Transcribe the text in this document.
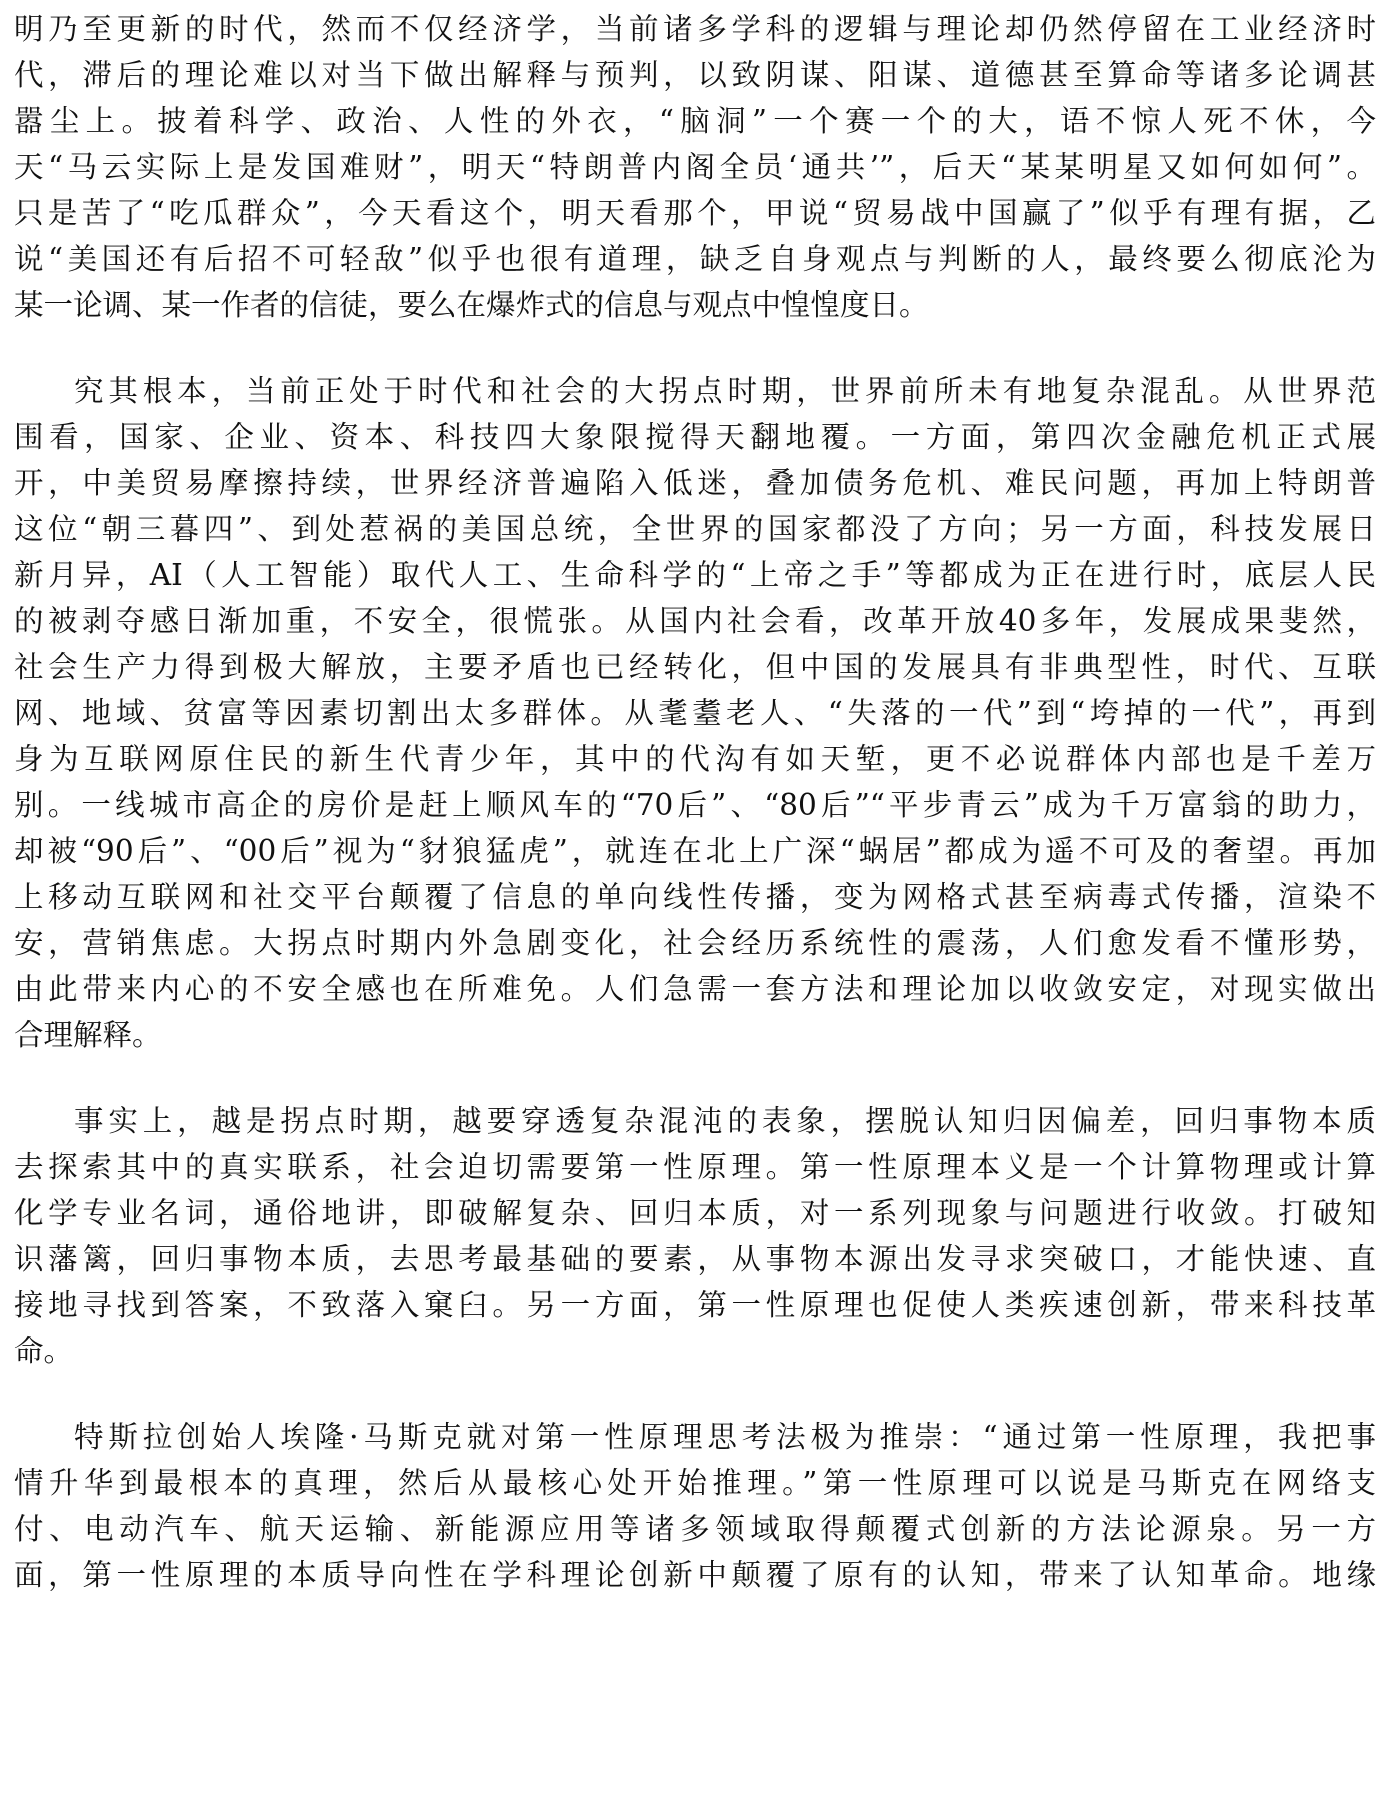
明乃至更新的时代，然而不仅经济学，当前诸多学科的逻辑与理论却仍然停留在工业经济时
代，滞后的理论难以对当下做出解释与预判，以致阴谋、阳谋、道德甚至算命等诸多论调甚
嚣尘上。披着科学、政治、人性的外衣，“脑洞”一个赛一个的大，语不惊人死不休，今
天“马云实际上是发国难财”，明天“特朗普内阁全员‘通共’”，后天“某某明星又如何如何”。
只是苦了“吃瓜群众”，今天看这个，明天看那个，甲说“贸易战中国赢了”似乎有理有据，乙
说“美国还有后招不可轻敌”似乎也很有道理，缺乏自身观点与判断的人，最终要么彻底沦为
某一论调、某一作者的信徒，要么在爆炸式的信息与观点中惶惶度日。
究其根本，当前正处于时代和社会的大拐点时期，世界前所未有地复杂混乱。从世界范
围看，国家、企业、资本、科技四大象限搅得天翻地覆。一方面，第四次金融危机正式展
开，中美贸易摩擦持续，世界经济普遍陷入低迷，叠加债务危机、难民问题，再加上特朗普
这位“朝三暮四”、到处惹祸的美国总统，全世界的国家都没了方向；另一方面，科技发展日
新月异，AI（人工智能）取代人工、生命科学的“上帝之手”等都成为正在进行时，底层人民
的被剥夺感日渐加重，不安全，很慌张。从国内社会看，改革开放40多年，发展成果斐然，
社会生产力得到极大解放，主要矛盾也已经转化，但中国的发展具有非典型性，时代、互联
网、地域、贫富等因素切割出太多群体。从耄耋老人、“失落的一代”到“垮掉的一代”，再到
身为互联网原住民的新生代青少年，其中的代沟有如天堑，更不必说群体内部也是千差万
别。一线城市高企的房价是赶上顺风车的“70后”、“80后”“平步青云”成为千万富翁的助力，
却被“90后”、“00后”视为“豺狼猛虎”，就连在北上广深“蜗居”都成为遥不可及的奢望。再加
上移动互联网和社交平台颠覆了信息的单向线性传播，变为网格式甚至病毒式传播，渲染不
安，营销焦虑。大拐点时期内外急剧变化，社会经历系统性的震荡，人们愈发看不懂形势，
由此带来内心的不安全感也在所难免。人们急需一套方法和理论加以收敛安定，对现实做出
合理解释。
事实上，越是拐点时期，越要穿透复杂混沌的表象，摆脱认知归因偏差，回归事物本质
去探索其中的真实联系，社会迫切需要第一性原理。第一性原理本义是一个计算物理或计算
化学专业名词，通俗地讲，即破解复杂、回归本质，对一系列现象与问题进行收敛。打破知
识藩篱，回归事物本质，去思考最基础的要素，从事物本源出发寻求突破口，才能快速、直
接地寻找到答案，不致落入窠臼。另一方面，第一性原理也促使人类疾速创新，带来科技革
命。
特斯拉创始人埃隆·马斯克就对第一性原理思考法极为推崇：“通过第一性原理，我把事
情升华到最根本的真理，然后从最核心处开始推理。”第一性原理可以说是马斯克在网络支
付、电动汽车、航天运输、新能源应用等诸多领域取得颠覆式创新的方法论源泉。另一方
面，第一性原理的本质导向性在学科理论创新中颠覆了原有的认知，带来了认知革命。地缘
